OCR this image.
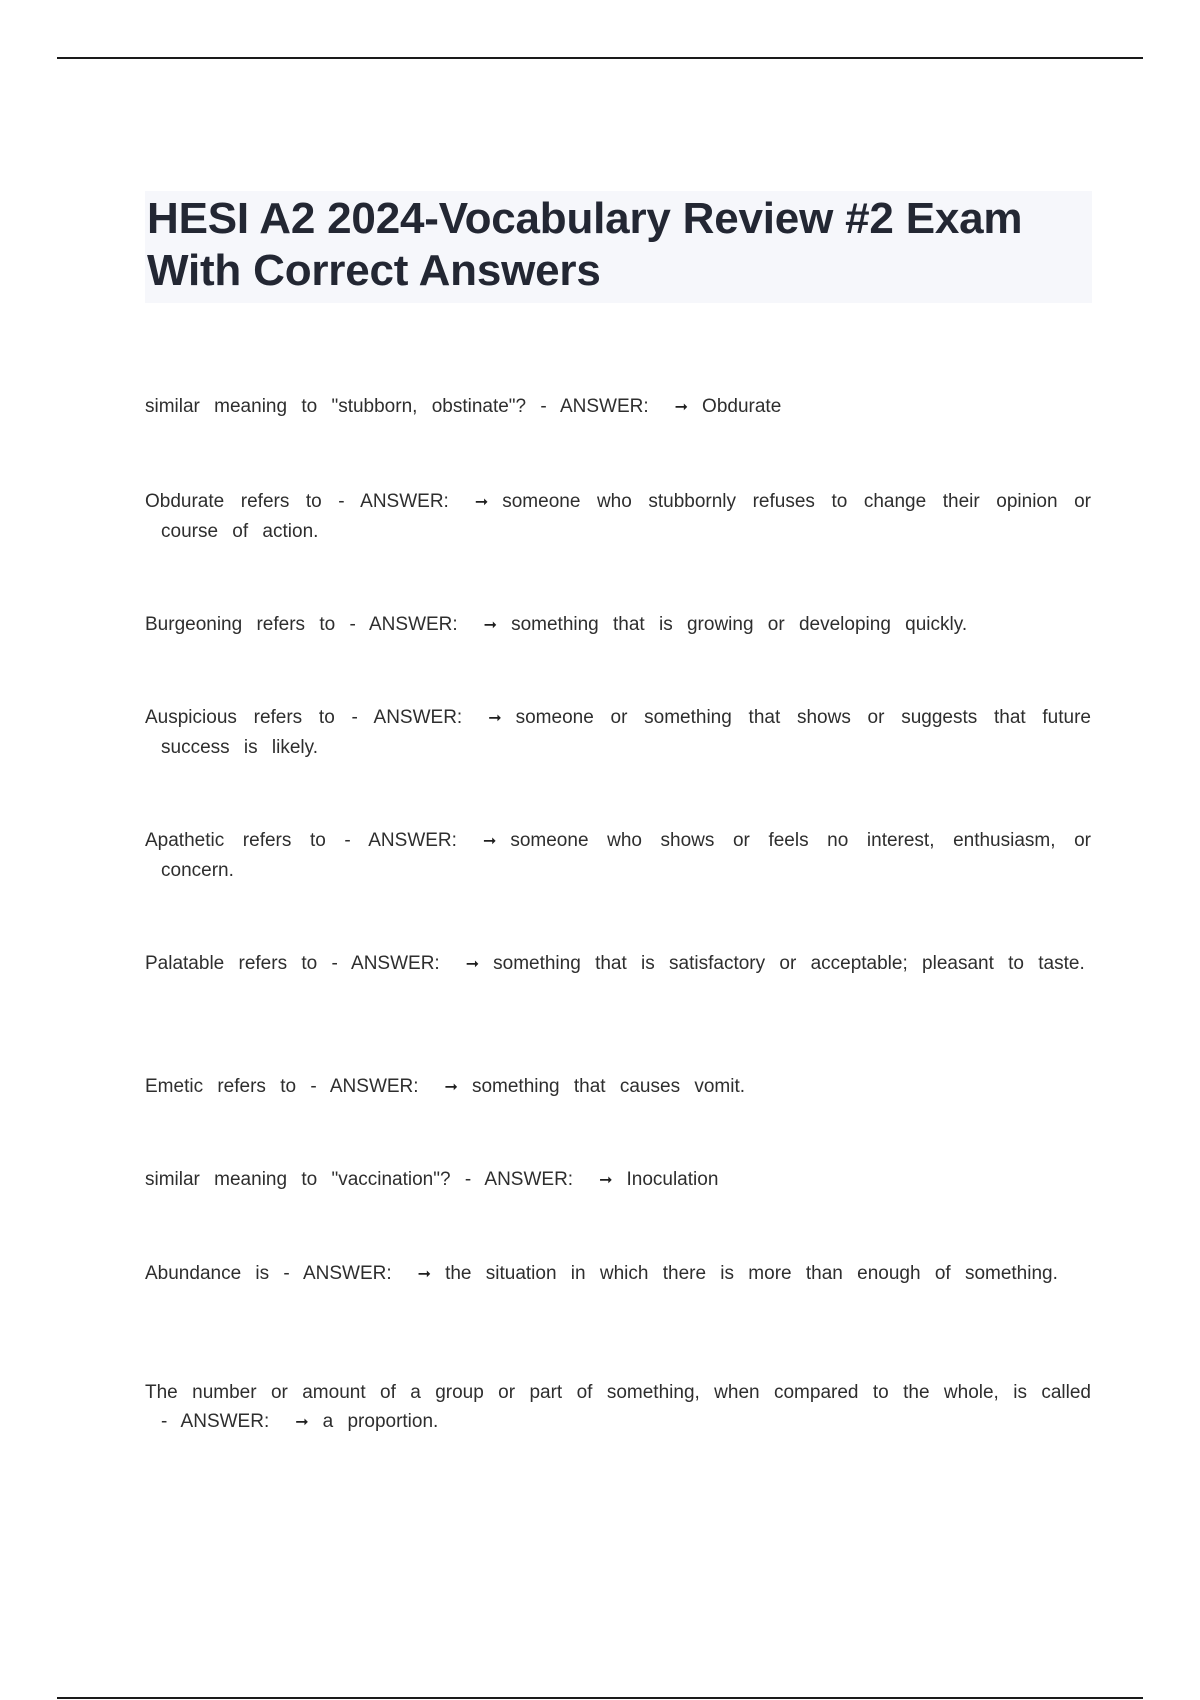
HESI A2 2024-Vocabulary Review #2 Exam With Correct Answers
similar meaning to "stubborn, obstinate"? - ANSWER: ➞ Obdurate
Obdurate refers to - ANSWER: ➞ someone who stubbornly refuses to change their opinion or course of action.
Burgeoning refers to - ANSWER: ➞ something that is growing or developing quickly.
Auspicious refers to - ANSWER: ➞ someone or something that shows or suggests that future success is likely.
Apathetic refers to - ANSWER: ➞ someone who shows or feels no interest, enthusiasm, or concern.
Palatable refers to - ANSWER: ➞ something that is satisfactory or acceptable; pleasant to taste.
Emetic refers to - ANSWER: ➞ something that causes vomit.
similar meaning to "vaccination"? - ANSWER: ➞ Inoculation
Abundance is - ANSWER: ➞ the situation in which there is more than enough of something.
The number or amount of a group or part of something, when compared to the whole, is called - ANSWER: ➞ a proportion.
